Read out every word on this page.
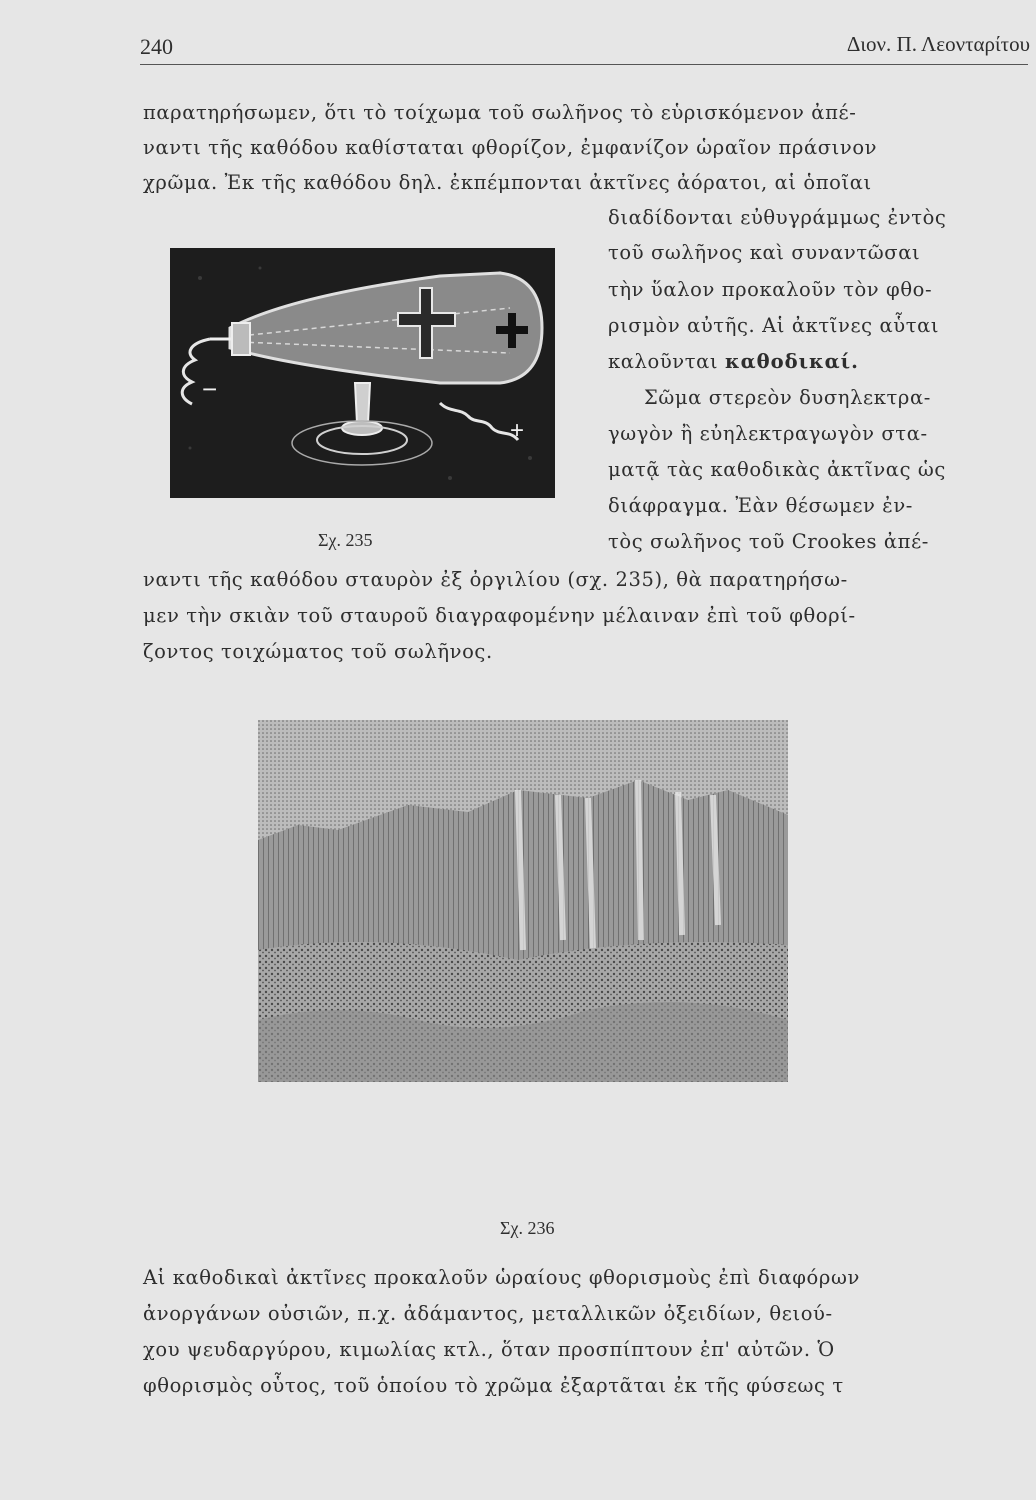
240	Διον. Π. Λεονταρίτου
παρατηρήσωμεν, ὅτι τὸ τοίχωμα τοῦ σωλῆνος τὸ εὑρισκόμενον ἀπέ-
ναντι τῆς καθόδου καθίσταται φθορίζον, ἐμφανίζον ὡραῖον πράσινον
χρῶμα. Ἐκ τῆς καθόδου δηλ. ἐκπέμπονται ἀκτῖνες ἀόρατοι, αἱ ὁποῖαι
διαδίδονται εὐθυγράμμως ἐντὸς
τοῦ σωλῆνος καὶ συναντῶσαι
τὴν ὕαλον προκαλοῦν τὸν φθο-
ρισμὸν αὐτῆς. Αἱ ἀκτῖνες αὗται
καλοῦνται καθοδικαί.
−
+
Σῶμα στερεὸν δυσηλεκτρα-
γωγὸν ἢ εὐηλεκτραγωγὸν στα-
ματᾷ τὰς καθοδικὰς ἀκτῖνας ὡς
διάφραγμα. Ἐὰν θέσωμεν ἐν-
Σχ. 235	τὸς σωλῆνος τοῦ Crookes ἀπέ-
ναντι τῆς καθόδου σταυρὸν ἐξ ὀργιλίου (σχ. 235), θὰ παρατηρήσω-
μεν τὴν σκιὰν τοῦ σταυροῦ διαγραφομένην μέλαιναν ἐπὶ τοῦ φθορί-
ζοντος τοιχώματος τοῦ σωλῆνος.
Σχ. 236
Αἱ καθοδικαὶ ἀκτῖνες προκαλοῦν ὡραίους φθορισμοὺς ἐπὶ διαφόρων
ἀνοργάνων οὐσιῶν, π.χ. ἀδάμαντος, μεταλλικῶν ὀξειδίων, θειού-
χου ψευδαργύρου, κιμωλίας κτλ., ὅταν προσπίπτουν ἐπ' αὐτῶν. Ὁ
φθορισμὸς οὗτος, τοῦ ὁποίου τὸ χρῶμα ἐξαρτᾶται ἐκ τῆς φύσεως τ
